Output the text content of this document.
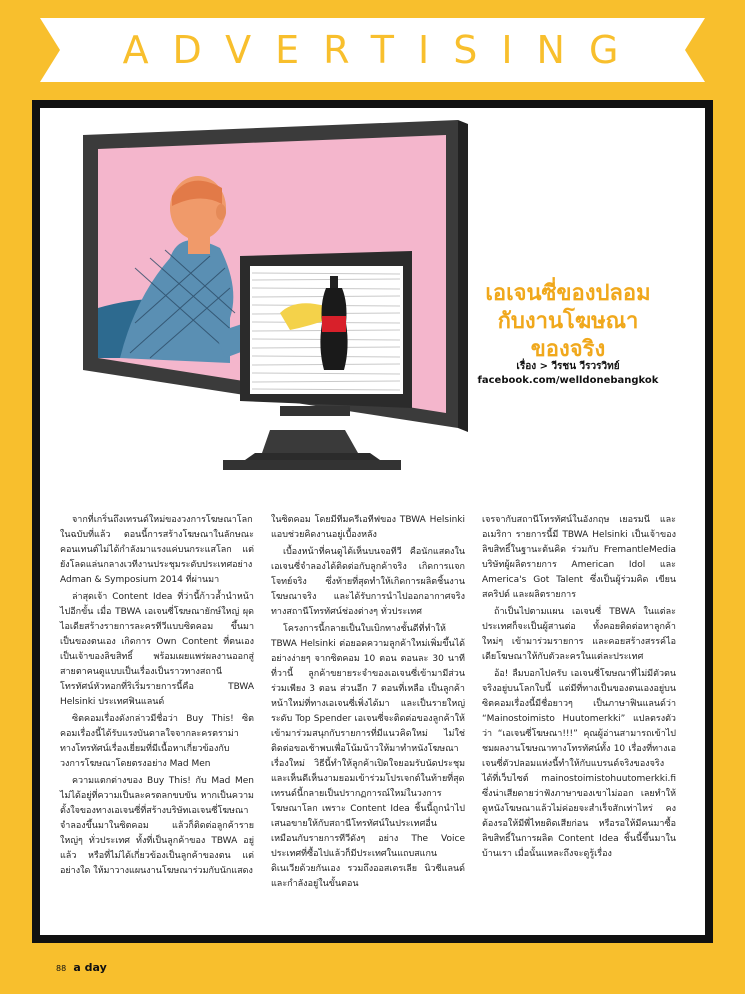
ADVERTISING
เอเจนซี่ของปลอม
กับงานโฆษณา
ของจริง
เรื่อง > วีรชน วีรวรวิทย์
facebook.com/welldonebangkok

จากที่เกริ่นถึงเทรนด์ใหม่ของวงการโฆษณาโลกในฉบับที่แล้ว ตอนนี้การสร้างโฆษณาในลักษณะคอนเทนต์ไม่ได้กำลังมาแรงแค่บนกระแสโลก แต่ยังโลดแล่นกลางเวทีงานประชุมระดับประเทศอย่าง Adman & Symposium 2014 ที่ผ่านมา

ล่าสุดเจ้า Content Idea ที่ว่านี้ก้าวล้ำนำหน้าไปอีกขั้น เมื่อ TBWA เอเจนซี่โฆษณายักษ์ใหญ่ ผุดไอเดียสร้างรายการละครทีวีแบบซิตคอม ขึ้นมาเป็นของตนเอง เกิดการ Own Content ที่ตนเองเป็นเจ้าของลิขสิทธิ์ พร้อมเผยแพร่ผลงานออกสู่สายตาคนดูแบบเป็นเรื่องเป็นราวทางสถานีโทรทัศน์หัวหอกที่ริเริ่มรายการนี้คือ TBWA Helsinki ประเทศฟินแลนด์

ซิตคอมเรื่องดังกล่าวมีชื่อว่า Buy This! ซิตคอมเรื่องนี้ได้รับแรงบันดาลใจจากละครตราม่าทางโทรทัศน์เรื่องเยี่ยมที่มีเนื้อหาเกี่ยวข้องกับวงการโฆษณาโดยตรงอย่าง Mad Men

ความแตกต่างของ Buy This! กับ Mad Men ไม่ได้อยู่ที่ความเป็นละครตลกขบขัน หากเป็นความตั้งใจของทางเอเจนซี่ที่สร้างบริษัทเอเจนซี่โฆษณาจำลองขึ้นมาในซิตคอม แล้วก็ติดต่อลูกค้ารายใหญ่ๆ ทั่วประเทศ ทั้งที่เป็นลูกค้าของ TBWA อยู่แล้ว หรือที่ไม่ได้เกี่ยวข้องเป็นลูกค้าของตน แต่อย่างใด ให้มาวางแผนงานโฆษณาร่วมกับนักแสดง

ในซิตคอม โดยมีทีมครีเอทีฟของ TBWA Helsinki แอบช่วยคิดงานอยู่เบื้องหลัง

เบื้องหน้าที่คนดูได้เห็นบนจอทีวี คือนักแสดงในเอเจนซี่จำลองได้ติดต่อกับลูกค้าจริง เกิดการแจกโจทย์จริง ซึ่งท้ายที่สุดทำให้เกิดการผลิตชิ้นงานโฆษณาจริง และได้รับการนำไปออกอากาศจริงทางสถานีโทรทัศน์ช่องต่างๆ ทั่วประเทศ

โครงการนี้กลายเป็นใบเบิกทางชั้นดีที่ทำให้ TBWA Helsinki ต่อยอดความลูกค้าใหม่เพิ่มขึ้นได้อย่างง่ายๆ จากซิตคอม 10 ตอน ตอนละ 30 นาที ที่วานี้ ลูกค้าขยายระจำของเอเจนซี่เข้ามามีส่วนร่วมเพียง 3 ตอน ส่วนอีก 7 ตอนที่เหลือ เป็นลูกค้าหน้าใหม่ที่ทางเอเจนซี่เพิ่งได้มา และเป็นรายใหญ่ระดับ Top Spender เอเจนซี่จะติดต่อของลูกค้าให้เข้ามาร่วมสนุกกับรายการที่มีแนวคิดใหม่ ไม่ใช่ติดต่อขอเช้าพบเพื่อโน้มน้าวให้มาทำหนังโฆษณาเรื่องใหม่ วิธีนี้ทำให้ลูกค้าเปิดใจยอมรับนัดประชุมและเห็นดีเห็นงามยอมเข้าร่วมโปรเจกต์ในท้ายที่สุด เทรนด์นี้กลายเป็นปรากฏการณ์ใหม่ในวงการโฆษณาโลก เพราะ Content Idea ชิ้นนี้ถูกนำไปเสนอขายให้กับสถานีโทรทัศน์ในประเทศอื่น เหมือนกับรายการทีวีดังๆ อย่าง The Voice ประเทศที่ซื้อไปแล้วก็มีประเทศในแถบสแกนดิเนเวียด้วยกันเอง รวมถึงออสเตรเลีย นิวซีแลนด์ และกำลังอยู่ในขั้นตอน

เจรจากับสถานีโทรทัศน์ในอังกฤษ เยอรมนี และอเมริกา รายการนี้มี TBWA Helsinki เป็นเจ้าของลิขสิทธิ์ในฐานะต้นคิด ร่วมกับ FremantleMedia บริษัทผู้ผลิตรายการ American Idol และ America's Got Talent ซึ่งเป็นผู้ร่วมคิด เขียนสคริปต์ และผลิตรายการ

ถ้าเป็นไปตามแผน เอเจนซี่ TBWA ในแต่ละประเทศก็จะเป็นผู้สานต่อ ทั้งคอยติดต่อหาลูกค้าใหม่ๆ เข้ามาร่วมรายการ และคอยสร้างสรรค์ไอเดียโฆษณาให้กับตัวละครในแต่ละประเทศ

อ้อ! ลืมบอกไปครับ เอเจนซี่โฆษณาที่ไม่มีตัวตนจริงอยู่บนโลกใบนี้ แต่มีที่ทางเป็นของตนเองอยู่บนซิตคอมเรื่องนี้มีชื่อยาวๆ เป็นภาษาฟินแลนด์ว่า “Mainostoimisto Huutomerkki” แปลตรงตัวว่า “เอเจนซี่โฆษณา!!!” คุณผู้อ่านสามารถเข้าไปชมผลงานโฆษณาทางโทรทัศน์ทั้ง 10 เรื่องที่ทางเอเจนซี่ตัวปลอมแห่งนี้ทำให้กับแบรนด์จริงของจริงได้ที่เว็บไซต์ mainostoimistohuutomerkki.fi ซึ่งน่าเสียดายว่าฟังภาษาของเขาไม่ออก เลยทำให้ดูหนังโฆษณาแล้วไม่ค่อยจะสำเร็จสักเท่าไหร่ คงต้องรอให้มีพี่ไทยติดเสียก่อน หรือรอให้มีคนมาซื้อลิขสิทธิ์ในการผลิต Content Idea ชิ้นนี้ขึ้นมาในบ้านเรา เมื่อนั้นแหละถึงจะดูรู้เรื่อง

88 a day
